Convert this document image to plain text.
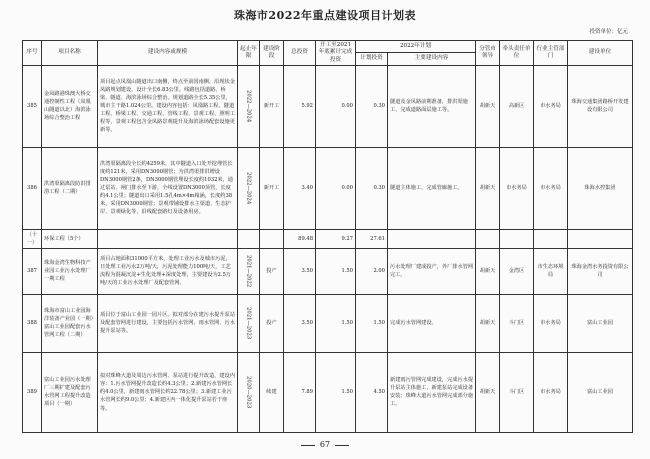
珠海市2022年重点建设项目计划表
投资单位：亿元
序号	项目名称	建设内容或规模	起止年限	建设阶段	总投资	开工至2021年底累计完成投资	2022年计划		分管市领导	牵头责任单位	行业主管部门	建设单位
							计划投资	主要建设内容				
385	金凤路港珠澳大桥交通控制性工程（凤凰山隧道以北）海滨泳场综合整治工程	项目起点凤凰山隧道出口南侧，终点至前国南侧，沿现状金凤路规划建设，设计全长6.83公里。线路包括道路、桥梁、隧道、海滨泳场综合整治。规划道路全长5.35公里，城市主干路1.024公里。建设内容包括：凤凰路工程、隧道工程、桥梁工程、交通工程、管线工程、景观工程、照明工程等，景观工程包含金凤路景观提升及海滨泳场配套设施更新等。	2022—2024	新开工	5.92	0.00	0.30	隧道及金凤路前期准备，排洪渠施工，完成道路面层施工等。	胡新天	高新区	市水务局	珠海交通集团路桥开发建设有限公司
386	洪湾渠隔离段防洪排涝工程（二期）	洪湾渠隔离段全长约4259米，其中隧道入口处开挖埋管长度约121米，采用DN3000钢管；为洪湾渠排洪增设DN3000钢管2条，DN3000钢管埋设长度约1032米，通过泵站、闸门排水至下游，全线设置DN3000顶管，长度约4.1公里；隧道出口采用1.5孔4m×4m箱涵，长度约38米，采用DN3000钢管；景观带铺设排水主渠道、生态护岸、景观绿化等，沿线配套路灯及设备用房。	2022—2024	新开工	3.40	0.00	0.30	隧道主体施工，完成管廊施工。	胡新天	市水务局	市水务局	珠海水控集团
（十一）	环保工程（5个）				89.48	9.27	27.61					
387	珠海金湾生物科技产业园工业污水处理厂一期工程	项目占地面积31000平方米，处理工业污水及城市污泥，日处理工业污水2万吨/天，污泥处理能力100吨/天，工艺流程为混凝沉淀+生化处理+深度处理，主要建设为2.5万吨/天的工业污水处理厂及配套管网。	2021—2022	投产	3.50	1.50	2.00	污水处理厂建成投产，外厂排水管网完工。	胡新天	金湾区	市生态环境局	珠海金湾水务投资有限公司
388	珠海市富山工业园海洋装备产业园（一期）富山工业园配套污水管网工程（二期）	项目位于富山工业园一园片区。拟对部分在建污水提升泵站及配套管网进行建设，主要包括污水管网、雨水管网、污水提升泵站等。	2021—2023	投产	3.50	1.50	1.50	完成污水管网建设。	胡新天	斗门区	市水务局	富山工业园
389	富山工业园污水处理厂三期扩建及配套污水管网工程提升改造项目（一期）	拟对珠峰大道及周边污水管网、泵站进行提升改造，建设内容：1.污水管网提升改造长约4.3公里；2.新建污水管网长约4.0公里，新建雨水管网长约22.78公里；3.新建工业污水管网长约9.0公里；4.新建区内一体化提升泵站若干座等。	2020—2023	续建	7.89	1.50	4.50	新建雨污管网完成建设，完成污水提升泵站主体施工，新建泵站完成设备安装；珠峰大道污水管网完成部分施工。	胡新天	斗门区	市水务局	富山工业园
67
